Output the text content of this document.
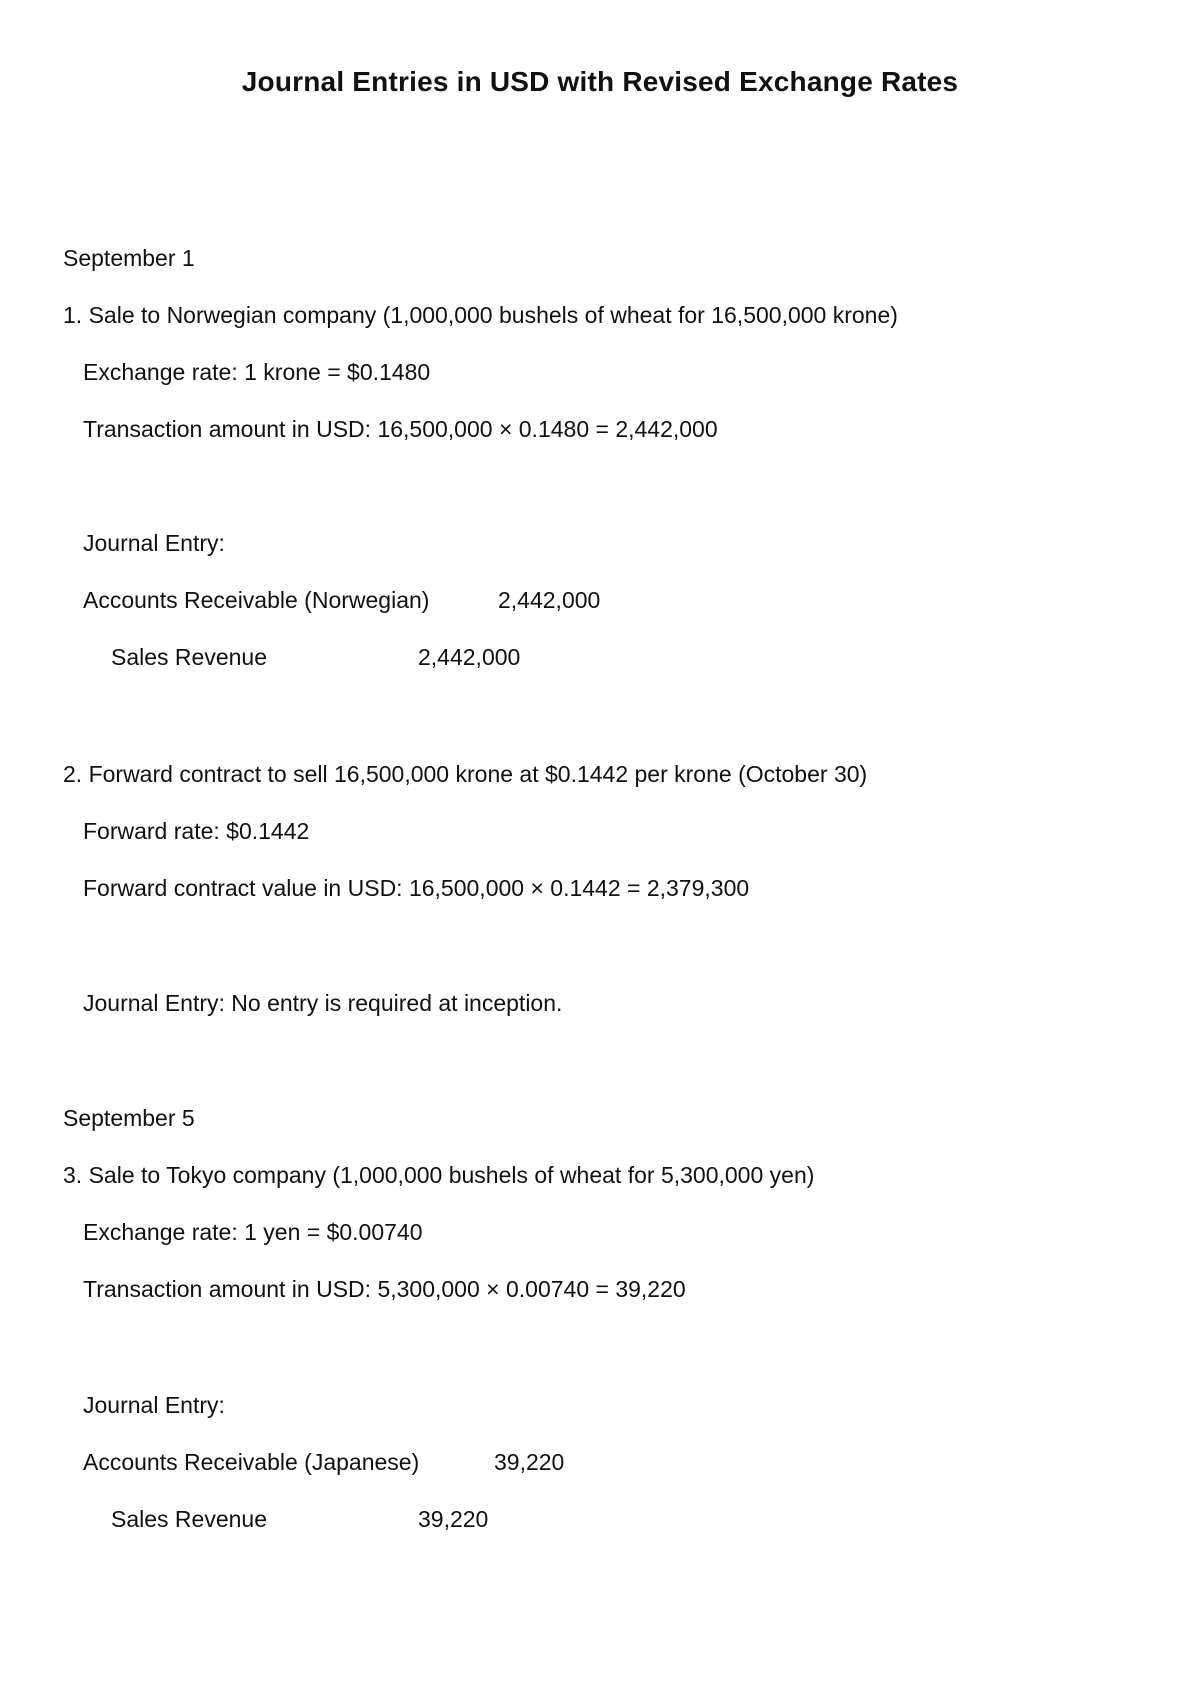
Journal Entries in USD with Revised Exchange Rates
September 1
1. Sale to Norwegian company (1,000,000 bushels of wheat for 16,500,000 krone)
Exchange rate: 1 krone = $0.1480
Transaction amount in USD: 16,500,000 × 0.1480 = 2,442,000
Journal Entry:
Accounts Receivable (Norwegian)	2,442,000
Sales Revenue	2,442,000
2. Forward contract to sell 16,500,000 krone at $0.1442 per krone (October 30)
Forward rate: $0.1442
Forward contract value in USD: 16,500,000 × 0.1442 = 2,379,300
Journal Entry: No entry is required at inception.
September 5
3. Sale to Tokyo company (1,000,000 bushels of wheat for 5,300,000 yen)
Exchange rate: 1 yen = $0.00740
Transaction amount in USD: 5,300,000 × 0.00740 = 39,220
Journal Entry:
Accounts Receivable (Japanese)	39,220
Sales Revenue	39,220
